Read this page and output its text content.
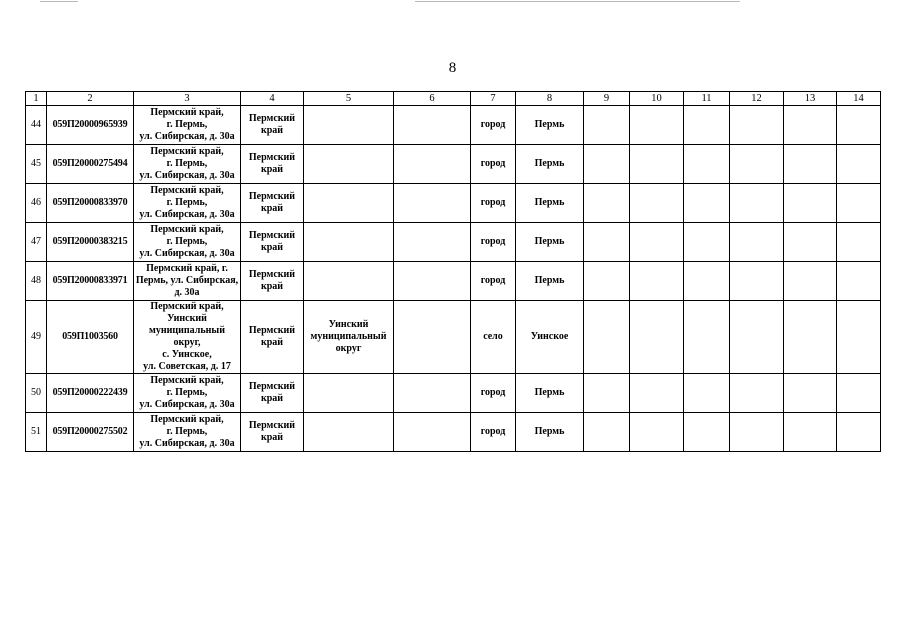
8
1	2	3	4	5	6	7	8	9	10	11	12	13	14
44	059П20000965939	Пермский край,
г. Пермь,
ул. Сибирская, д. 30а	Пермский
край			город	Пермь						
45	059П20000275494	Пермский край,
г. Пермь,
ул. Сибирская, д. 30а	Пермский
край			город	Пермь						
46	059П20000833970	Пермский край,
г. Пермь,
ул. Сибирская, д. 30а	Пермский
край			город	Пермь						
47	059П20000383215	Пермский край,
г. Пермь,
ул. Сибирская, д. 30а	Пермский
край			город	Пермь						
48	059П20000833971	Пермский край, г.
Пермь, ул. Сибирская,
д. 30а	Пермский
край			город	Пермь						
49	059П1003560	Пермский край,
Уинский
муниципальный округ,
с. Уинское,
ул. Советская, д. 17	Пермский
край	Уинский
муниципальный
округ		село	Уинское						
50	059П20000222439	Пермский край,
г. Пермь,
ул. Сибирская, д. 30а	Пермский
край			город	Пермь						
51	059П20000275502	Пермский край,
г. Пермь,
ул. Сибирская, д. 30а	Пермский
край			город	Пермь						
